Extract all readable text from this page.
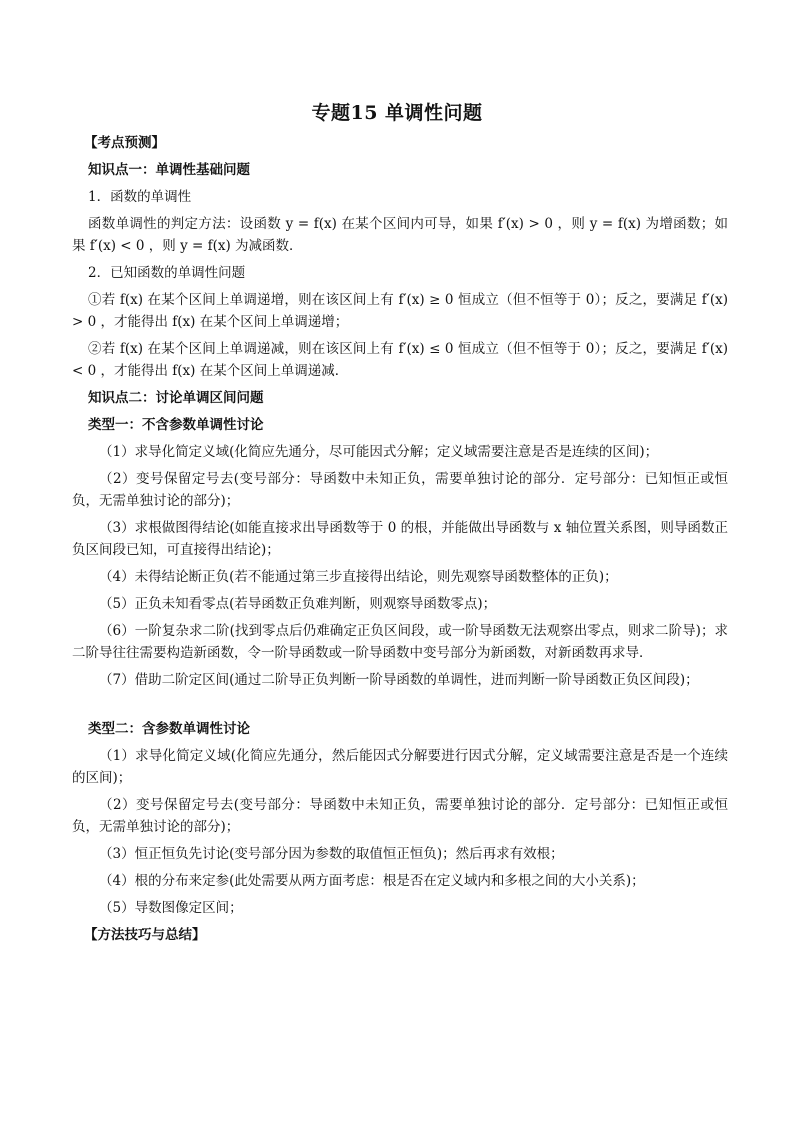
专题15 单调性问题

【考点预测】

知识点一：单调性基础问题

1．函数的单调性

函数单调性的判定方法：设函数 y = f(x) 在某个区间内可导，如果 f′(x) > 0 ，则 y = f(x) 为增函数；如果 f′(x) < 0 ，则 y = f(x) 为减函数．

2．已知函数的单调性问题

①若 f(x) 在某个区间上单调递增，则在该区间上有 f′(x) ≥ 0 恒成立（但不恒等于 0）；反之，要满足 f′(x) > 0 ，才能得出 f(x) 在某个区间上单调递增；

②若 f(x) 在某个区间上单调递减，则在该区间上有 f′(x) ≤ 0 恒成立（但不恒等于 0）；反之，要满足 f′(x) < 0 ，才能得出 f(x) 在某个区间上单调递减．

知识点二：讨论单调区间问题

类型一：不含参数单调性讨论

（1）求导化简定义域(化简应先通分，尽可能因式分解；定义域需要注意是否是连续的区间)；

（2）变号保留定号去(变号部分：导函数中未知正负，需要单独讨论的部分．定号部分：已知恒正或恒负，无需单独讨论的部分)；

（3）求根做图得结论(如能直接求出导函数等于 0 的根，并能做出导函数与 x 轴位置关系图，则导函数正负区间段已知，可直接得出结论)；

（4）未得结论断正负(若不能通过第三步直接得出结论，则先观察导函数整体的正负)；

（5）正负未知看零点(若导函数正负难判断，则观察导函数零点)；

（6）一阶复杂求二阶(找到零点后仍难确定正负区间段，或一阶导函数无法观察出零点，则求二阶导)；求二阶导往往需要构造新函数，令一阶导函数或一阶导函数中变号部分为新函数，对新函数再求导．

（7）借助二阶定区间(通过二阶导正负判断一阶导函数的单调性，进而判断一阶导函数正负区间段)；

类型二：含参数单调性讨论

（1）求导化简定义域(化简应先通分，然后能因式分解要进行因式分解，定义域需要注意是否是一个连续的区间)；

（2）变号保留定号去(变号部分：导函数中未知正负，需要单独讨论的部分．定号部分：已知恒正或恒负，无需单独讨论的部分)；

（3）恒正恒负先讨论(变号部分因为参数的取值恒正恒负)；然后再求有效根；

（4）根的分布来定参(此处需要从两方面考虑：根是否在定义域内和多根之间的大小关系)；

（5）导数图像定区间；

【方法技巧与总结】
